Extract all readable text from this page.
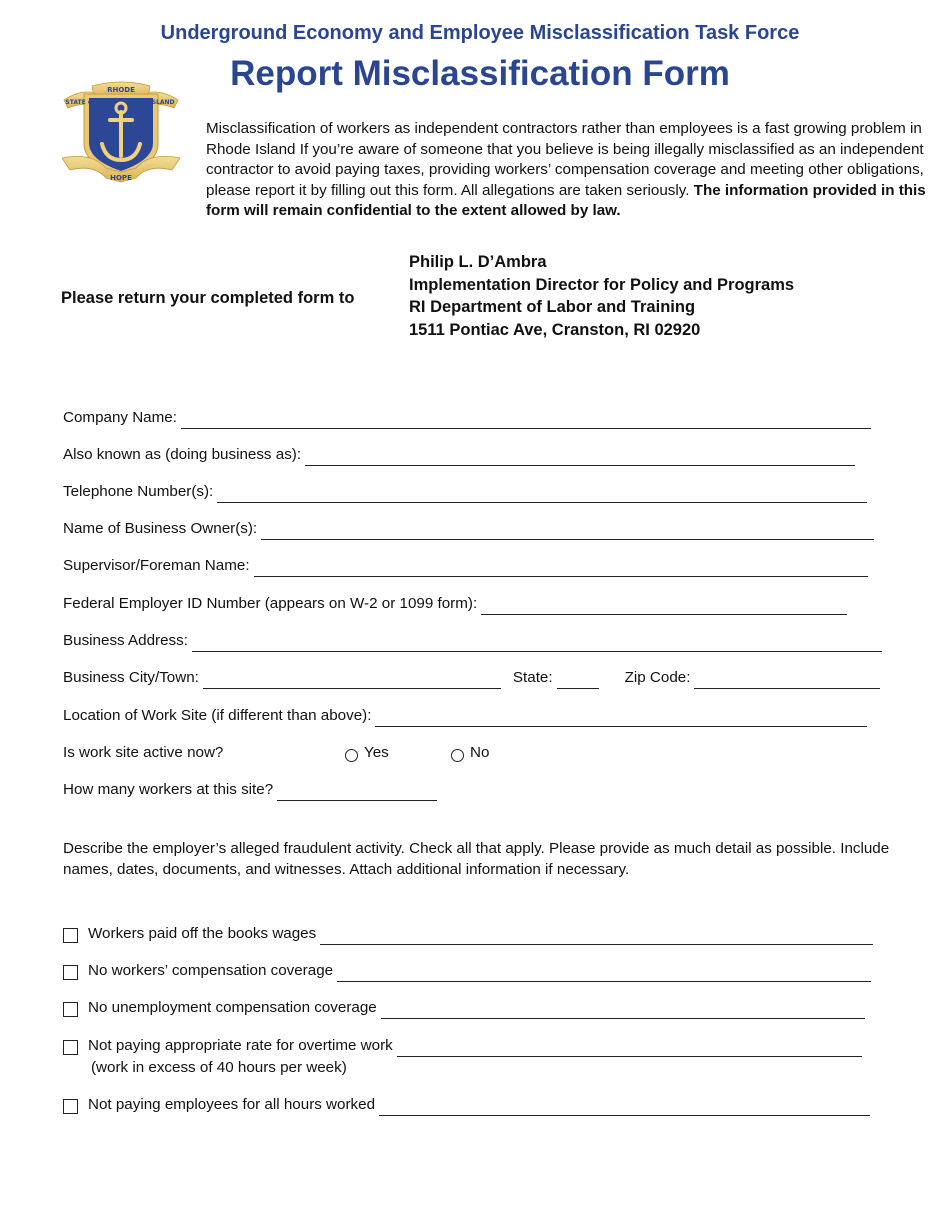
Underground Economy and Employee Misclassification Task Force
Report Misclassification Form
RHODE
STATE of	ISLAND
HOPE
Misclassification of workers as independent contractors rather than employees is a fast growing problem in Rhode Island If you’re aware of someone that you believe is being illegally misclassified as an independent contractor to avoid paying taxes, providing workers’ compensation coverage and meeting other obligations, please report it by filling out this form. All allegations are taken seriously. The information provided in this form will remain confidential to the extent allowed by law.
Please return your completed form to
Philip L. D’Ambra
Implementation Director for Policy and Programs
RI Department of Labor and Training
1511 Pontiac Ave, Cranston, RI 02920
Company Name:
Also known as (doing business as):
Telephone Number(s):
Name of Business Owner(s):
Supervisor/Foreman Name:
Federal Employer ID Number (appears on W-2 or 1099 form):
Business Address:
Business City/Town:	State:	Zip Code:
Location of Work Site (if different than above):
Is work site active now?	Yes	No
How many workers at this site?
Describe the employer’s alleged fraudulent activity. Check all that apply. Please provide as much detail as possible. Include names, dates, documents, and witnesses. Attach additional information if necessary.
Workers paid off the books wages
No workers’ compensation coverage
No unemployment compensation coverage
Not paying appropriate rate for overtime work
(work in excess of 40 hours per week)
Not paying employees for all hours worked
